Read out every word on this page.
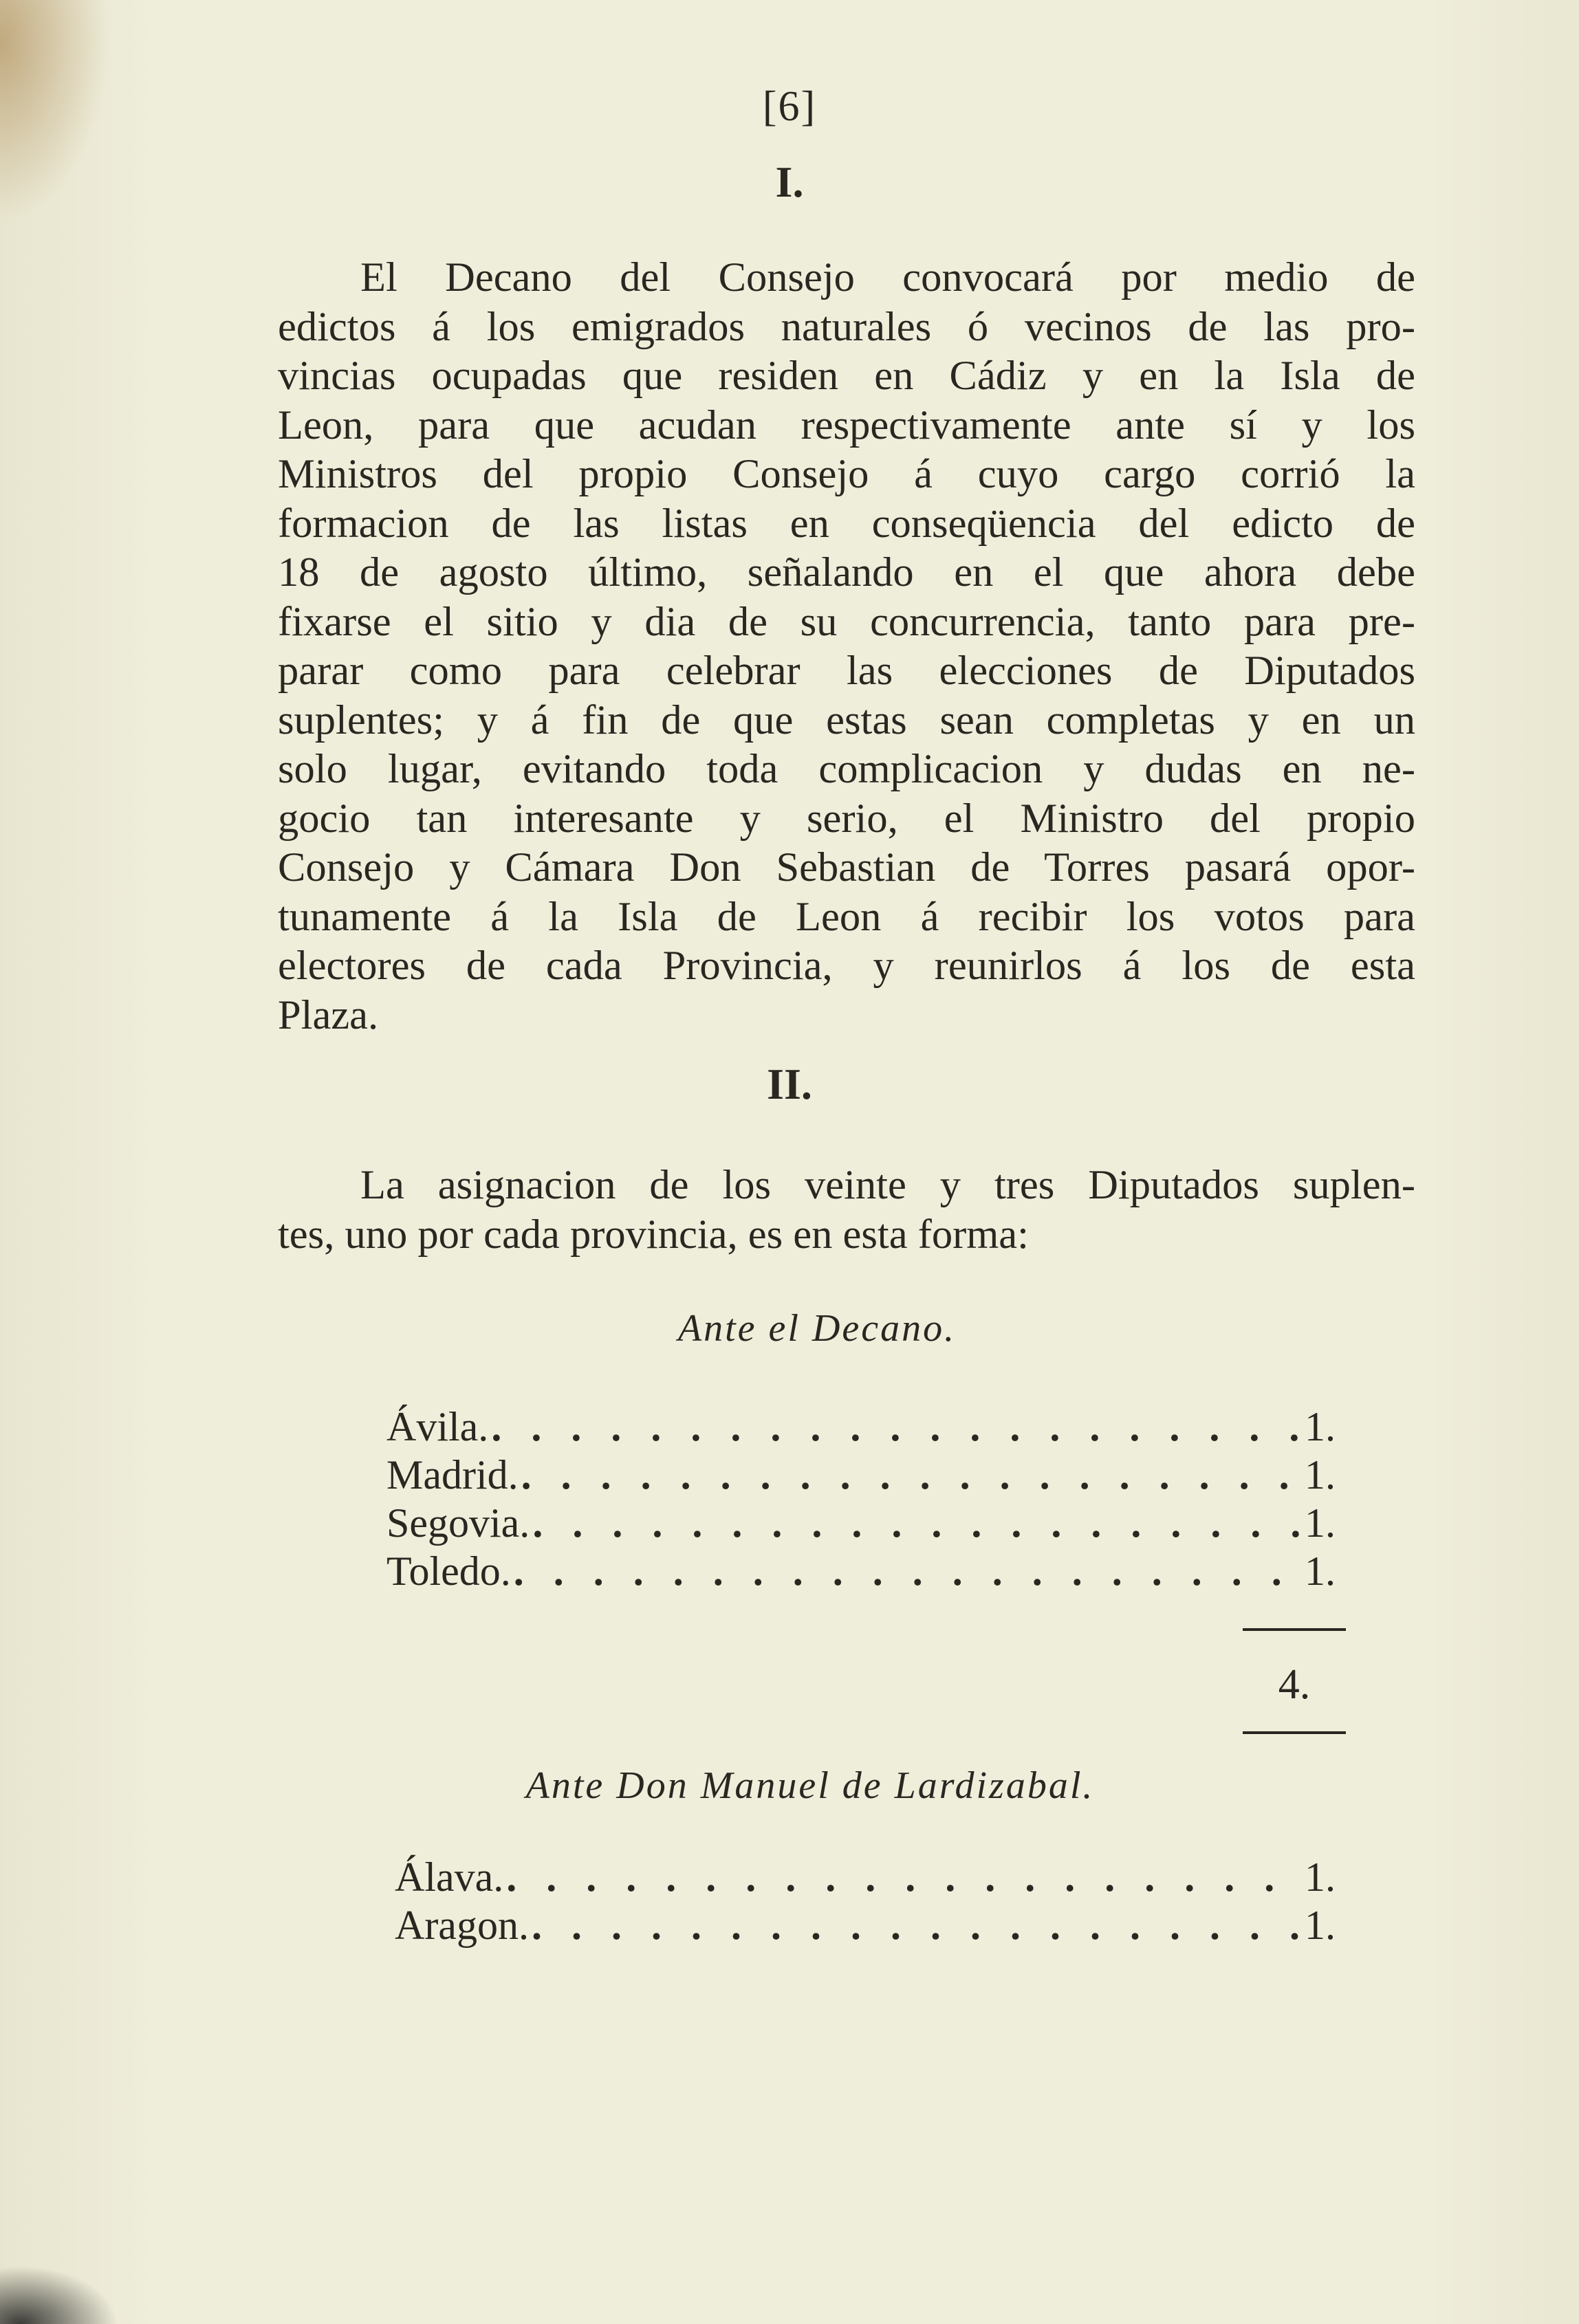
[6]
I.
El Decano del Consejo convocará por medio de
edictos á los emigrados naturales ó vecinos de las pro-
vincias ocupadas que residen en Cádiz y en la Isla de
Leon, para que acudan respectivamente ante sí y los
Ministros del propio Consejo á cuyo cargo corrió la
formacion de las listas en conseqüencia del edicto de
18 de agosto último, señalando en el que ahora debe
fixarse el sitio y dia de su concurrencia, tanto para pre-
parar como para celebrar las elecciones de Diputados
suplentes; y á fin de que estas sean completas y en un
solo lugar, evitando toda complicacion y dudas en ne-
gocio tan interesante y serio, el Ministro del propio
Consejo y Cámara Don Sebastian de Torres pasará opor-
tunamente á la Isla de Leon á recibir los votos para
electores de cada Provincia, y reunirlos á los de esta
Plaza.
II.
La asignacion de los veinte y tres Diputados suplen-
tes, uno por cada provincia, es en esta forma:
Ante el Decano.
Ávila. . . .	1.
Madrid. . . .	1.
Segovia. . . .	1.
Toledo. . . .	1.
4.
Ante Don Manuel de Lardizabal.
Álava. . . .	1.
Aragon. . . .	1.
